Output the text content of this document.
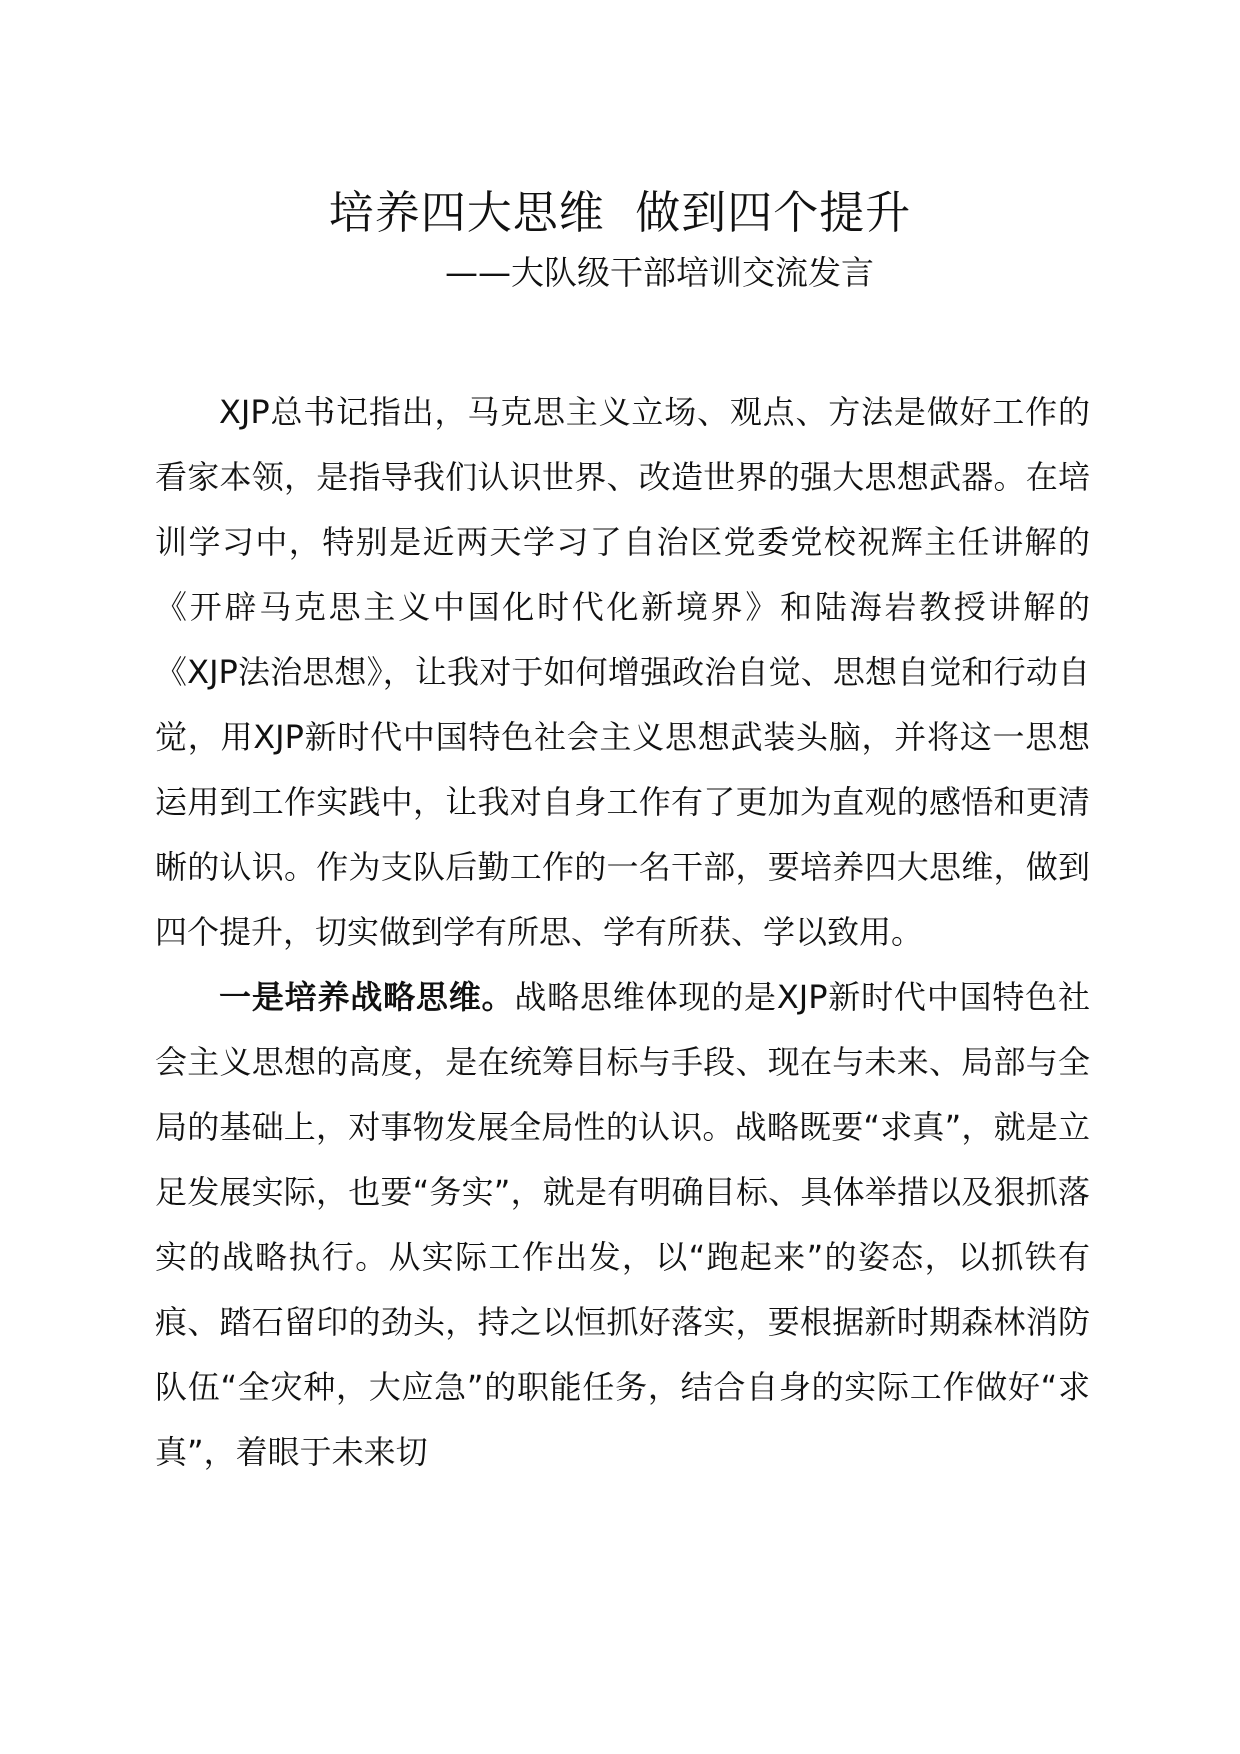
培养四大思维  做到四个提升
——大队级干部培训交流发言

XJP总书记指出，马克思主义立场、观点、方法是做好工作的看家本领，是指导我们认识世界、改造世界的强大思想武器。在培训学习中，特别是近两天学习了自治区党委党校祝辉主任讲解的《开辟马克思主义中国化时代化新境界》和陆海岩教授讲解的《XJP法治思想》，让我对于如何增强政治自觉、思想自觉和行动自觉，用XJP新时代中国特色社会主义思想武装头脑，并将这一思想运用到工作实践中，让我对自身工作有了更加为直观的感悟和更清晰的认识。作为支队后勤工作的一名干部，要培养四大思维，做到四个提升，切实做到学有所思、学有所获、学以致用。

一是培养战略思维。战略思维体现的是XJP新时代中国特色社会主义思想的高度，是在统筹目标与手段、现在与未来、局部与全局的基础上，对事物发展全局性的认识。战略既要“求真”，就是立足发展实际，也要“务实”，就是有明确目标、具体举措以及狠抓落实的战略执行。从实际工作出发，以“跑起来”的姿态，以抓铁有痕、踏石留印的劲头，持之以恒抓好落实，要根据新时期森林消防队伍“全灾种，大应急”的职能任务，结合自身的实际工作做好“求真”，着眼于未来切
